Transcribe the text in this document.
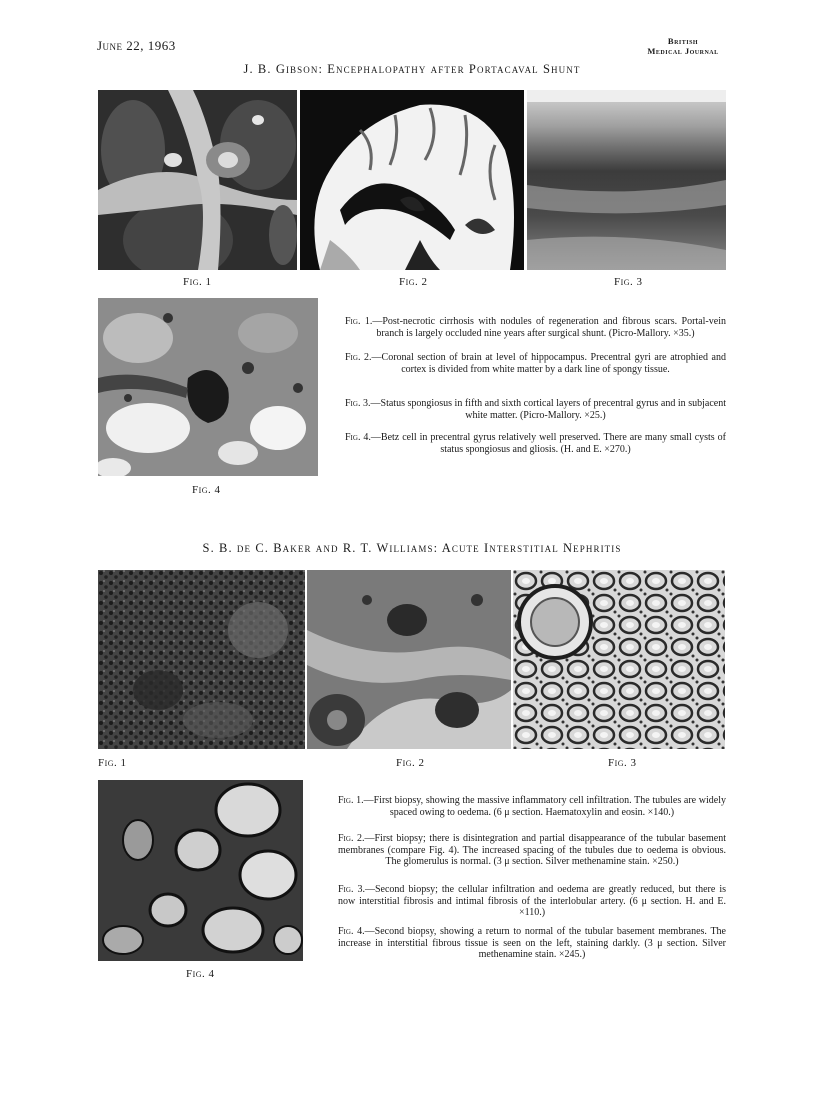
June 22, 1963	British
Medical Journal
J. B. Gibson: Encephalopathy after Portacaval Shunt
Fig. 1	Fig. 2	Fig. 3
Fig. 4
Fig. 1.—Post-necrotic cirrhosis with nodules of regeneration and fibrous scars. Portal-vein branch is largely occluded nine years after surgical shunt. (Picro-Mallory. ×35.)
Fig. 2.—Coronal section of brain at level of hippocampus. Precentral gyri are atrophied and cortex is divided from white matter by a dark line of spongy tissue.
Fig. 3.—Status spongiosus in fifth and sixth cortical layers of precentral gyrus and in subjacent white matter. (Picro-Mallory. ×25.)
Fig. 4.—Betz cell in precentral gyrus relatively well preserved. There are many small cysts of status spongiosus and gliosis. (H. and E. ×270.)
S. B. de C. Baker and R. T. Williams: Acute Interstitial Nephritis
Fig. 1	Fig. 2	Fig. 3
Fig. 4
Fig. 1.—First biopsy, showing the massive inflammatory cell infiltration. The tubules are widely spaced owing to oedema. (6 μ section. Haematoxylin and eosin. ×140.)
Fig. 2.—First biopsy; there is disintegration and partial disappearance of the tubular basement membranes (compare Fig. 4). The increased spacing of the tubules due to oedema is obvious. The glomerulus is normal. (3 μ section. Silver methenamine stain. ×250.)
Fig. 3.—Second biopsy; the cellular infiltration and oedema are greatly reduced, but there is now interstitial fibrosis and intimal fibrosis of the interlobular artery. (6 μ section. H. and E. ×110.)
Fig. 4.—Second biopsy, showing a return to normal of the tubular basement membranes. The increase in interstitial fibrous tissue is seen on the left, staining darkly. (3 μ section. Silver methenamine stain. ×245.)
